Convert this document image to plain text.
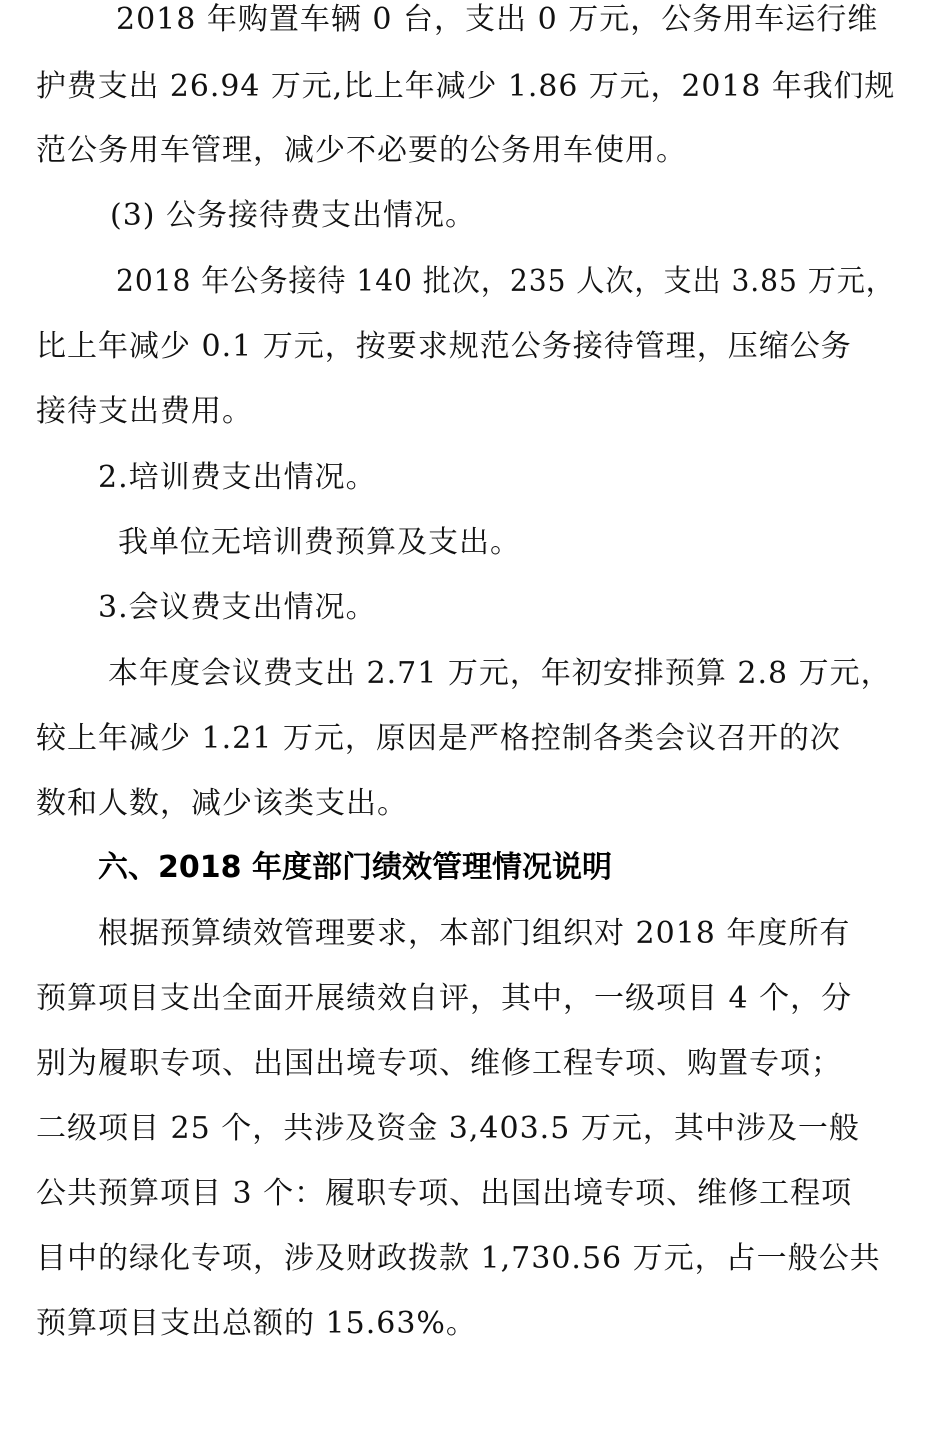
2018 年购置车辆 0 台，支出 0 万元，公务用车运行维
护费支出 26.94 万元,比上年减少 1.86 万元，2018 年我们规
范公务用车管理，减少不必要的公务用车使用。
(3) 公务接待费支出情况。
2018 年公务接待 140 批次，235 人次，支出 3.85 万元，
比上年减少 0.1 万元，按要求规范公务接待管理，压缩公务
接待支出费用。
2.培训费支出情况。
我单位无培训费预算及支出。
3.会议费支出情况。
本年度会议费支出 2.71 万元，年初安排预算 2.8 万元，
较上年减少 1.21 万元，原因是严格控制各类会议召开的次
数和人数，减少该类支出。
六、2018 年度部门绩效管理情况说明
根据预算绩效管理要求，本部门组织对 2018 年度所有
预算项目支出全面开展绩效自评，其中，一级项目 4 个，分
别为履职专项、出国出境专项、维修工程专项、购置专项；
二级项目 25 个，共涉及资金 3,403.5 万元，其中涉及一般
公共预算项目 3 个：履职专项、出国出境专项、维修工程项
目中的绿化专项，涉及财政拨款 1,730.56 万元，占一般公共
预算项目支出总额的 15.63%。
